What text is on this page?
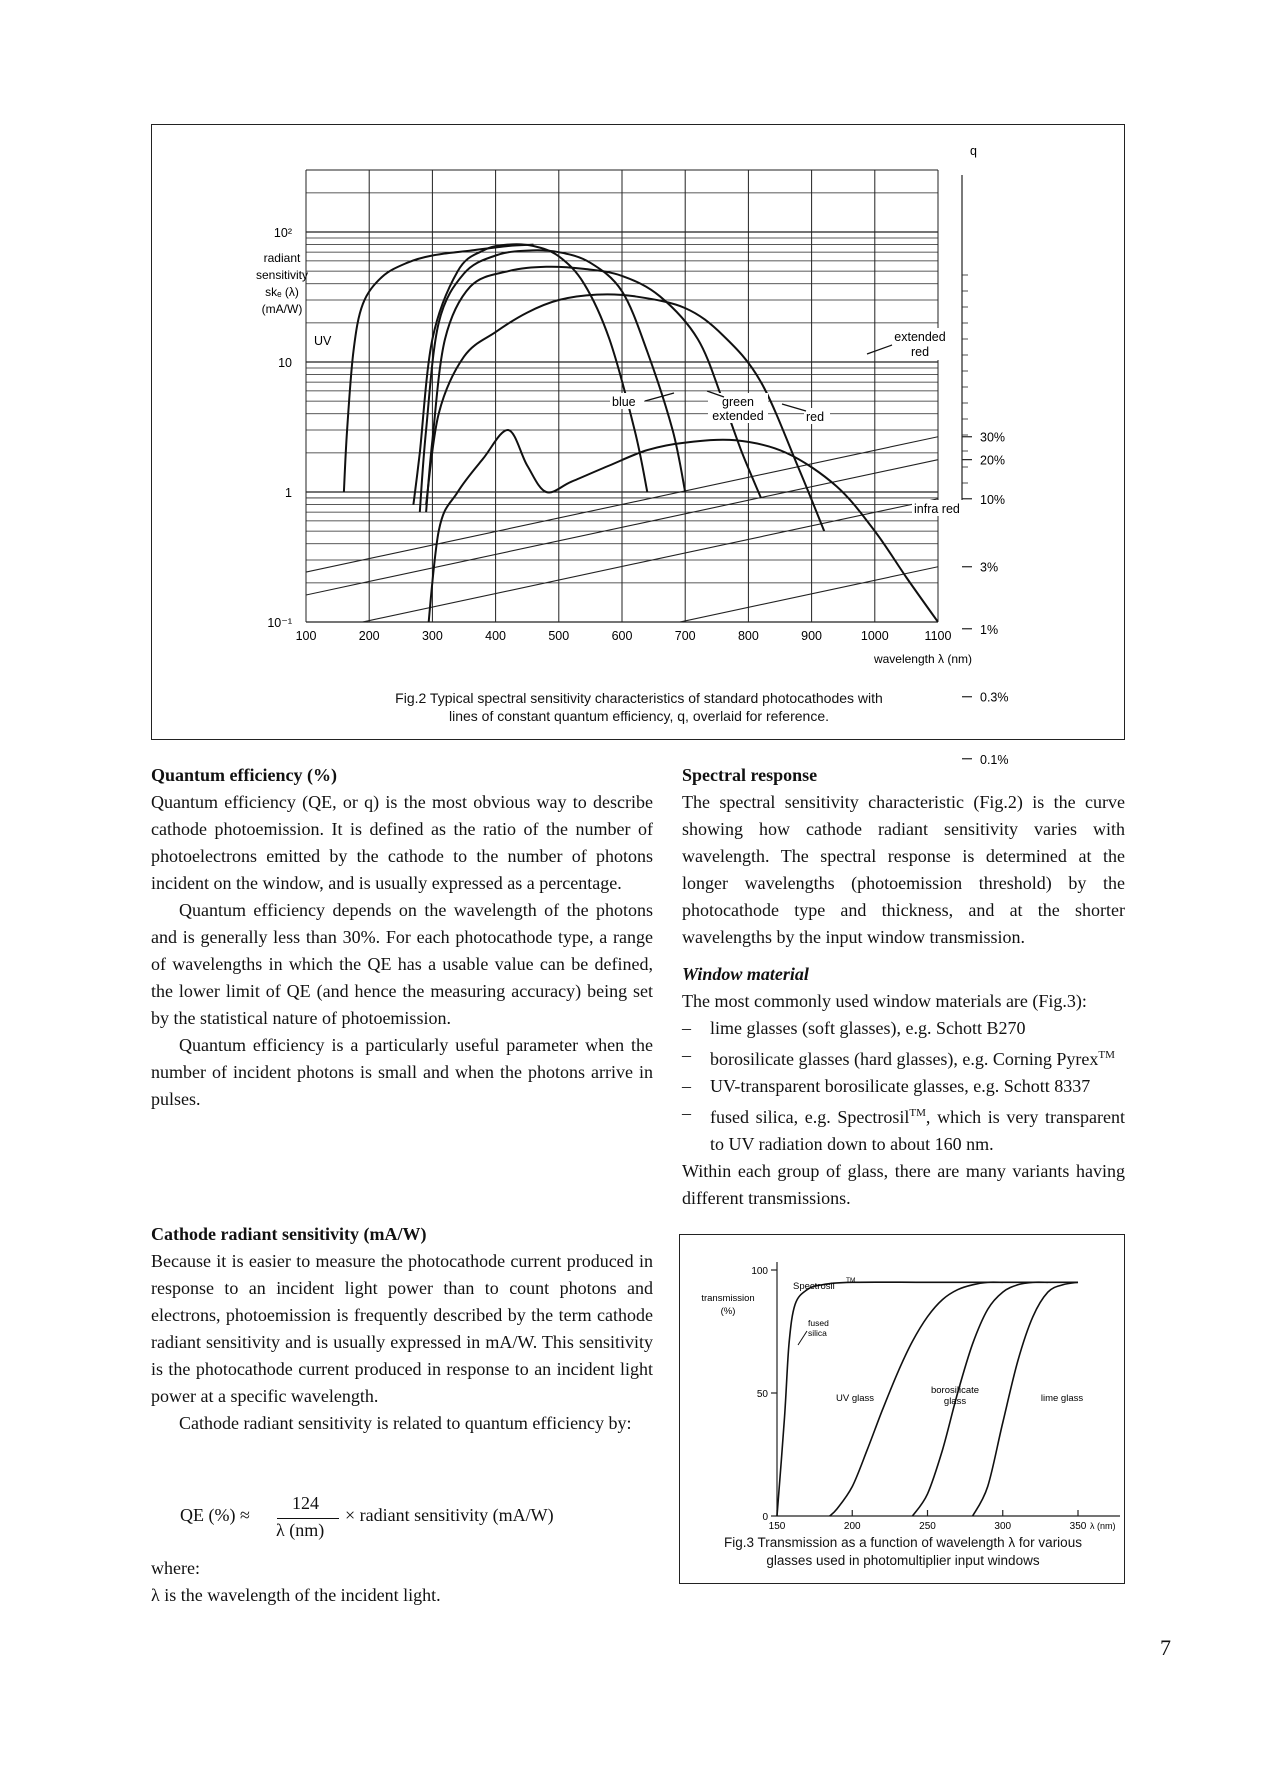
100	200	300	400	500	600	700	800	900	1000	1100
10²
10
1
10⁻¹
radiant
sensitivity
skₑ (λ)
(mA/W)
wavelength λ (nm)
q
30%
20%
10%
3%
1%
0.3%
0.1%
UV
blue	green
extended	red
extended
red
infra red
Fig.2 Typical spectral sensitivity characteristics of standard photocathodes with
lines of constant quantum efficiency, q, overlaid for reference.

Quantum efficiency (%)

Quantum efficiency (QE, or q) is the most obvious way to describe cathode photoemission. It is defined as the ratio of the number of photoelectrons emitted by the cathode to the number of photons incident on the window, and is usually expressed as a percentage.

Quantum efficiency depends on the wavelength of the photons and is generally less than 30%. For each photocathode type, a range of wavelengths in which the QE has a usable value can be defined, the lower limit of QE (and hence the measuring accuracy) being set by the statistical nature of photoemission.

Quantum efficiency is a particularly useful parameter when the number of incident photons is small and when the photons arrive in pulses.

Cathode radiant sensitivity (mA/W)

Because it is easier to measure the photocathode current produced in response to an incident light power than to count photons and electrons, photoemission is frequently described by the term cathode radiant sensitivity and is usually expressed in mA/W. This sensitivity is the photocathode current produced in response to an incident light power at a specific wavelength.

Cathode radiant sensitivity is related to quantum efficiency by:

QE (%) ≈
124
λ (nm)
× radiant sensitivity (mA/W)

where:

λ is the wavelength of the incident light.

Spectral response

The spectral sensitivity characteristic (Fig.2) is the curve showing how cathode radiant sensitivity varies with wavelength. The spectral response is determined at the longer wavelengths (photoemission threshold) by the photocathode type and thickness, and at the shorter wavelengths by the input window transmission.

Window material

The most commonly used window materials are (Fig.3):

– lime glasses (soft glasses), e.g. Schott B270

– borosilicate glasses (hard glasses), e.g. Corning Pyrex™

– UV-transparent borosilicate glasses, e.g. Schott 8337

– fused silica, e.g. Spectrosil™, which is very transparent to UV radiation down to about 160 nm.

Within each group of glass, there are many variants having different transmissions.

100
50
0
150	200	250	300	350 λ (nm)
transmission
(%)
Spectrosil
TM
fused
silica
UV glass
borosilicate
glass	lime glass
Fig.3 Transmission as a function of wavelength λ for various
glasses used in photomultiplier input windows
7
